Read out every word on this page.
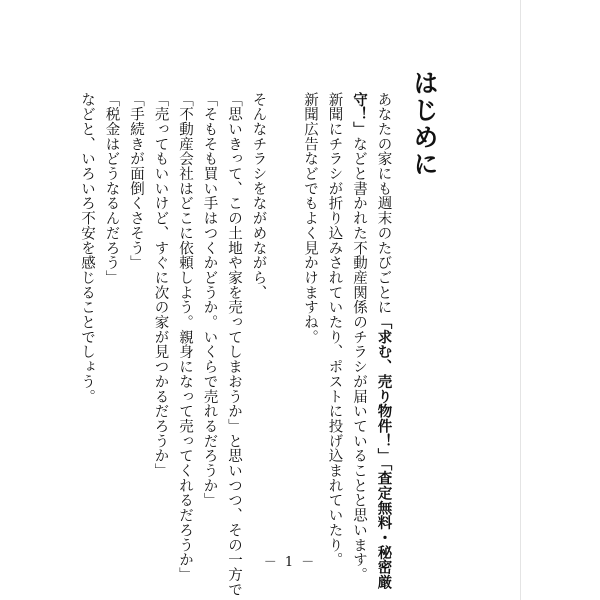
はじめに
あなたの家にも週末のたびごとに「求む、売り物件！」「査定無料・秘密厳
守！」などと書かれた不動産関係のチラシが届いていることと思います。
新聞にチラシが折り込みされていたり、ポストに投げ込まれていたり。
新聞広告などでもよく見かけますね。
そんなチラシをながめながら、
「思いきって、この土地や家を売ってしまおうか」と思いつつ、その一方で
「そもそも買い手はつくかどうか。いくらで売れるだろうか」
「不動産会社はどこに依頼しよう。親身になって売ってくれるだろうか」
「売ってもいいけど、すぐに次の家が見つかるだろうか」
「手続きが面倒くさそう」
「税金はどうなるんだろう」
などと、いろいろ不安を感じることでしょう。
－ 1 －
